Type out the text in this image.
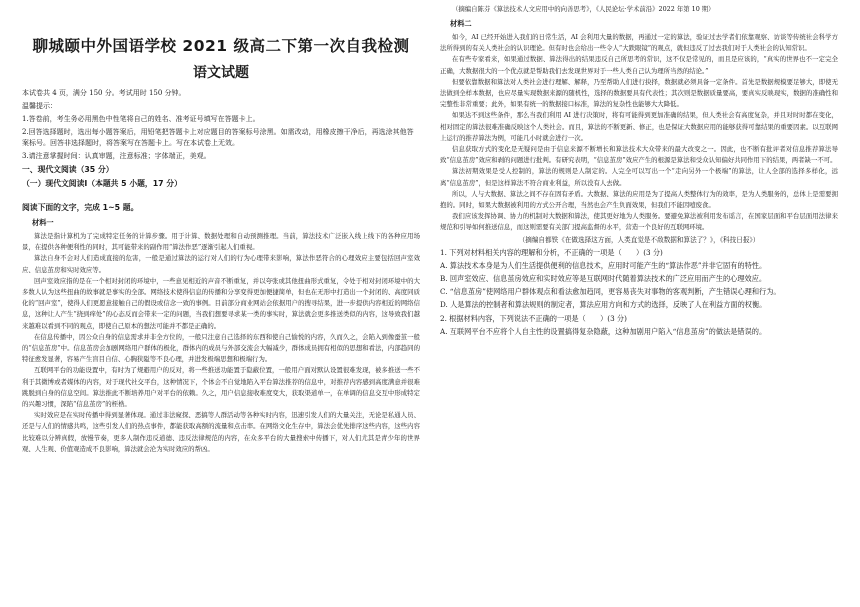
聊城颐中外国语学校 2021 级高二下第一次自我检测
语文试题
本试卷共 4 页，满分 150 分。考试用时 150 分钟。
温馨提示：
1.答卷前，考生务必用黑色中性笔将自己的姓名、准考证号填写在答题卡上。
2.回答选择题时，选出每小题答案后，用铅笔把答题卡上对应题目的答案标号涂黑。如需改动，用橡皮擦干净后，再选涂其他答案标号。回答非选择题时，将答案写在答题卡上。写在本试卷上无效。
3.请注意掌握时间：认真审题，注意标准；字体端正，美观。
一、现代文阅读（35 分）
（一）现代文阅读Ⅰ（本题共 5 小题，17 分）
阅读下面的文字，完成 1~5 题。
材料一

算法是指计算机为了完成特定任务的计算步骤。用于计算、数据处理和自动预测推理。当前，算法技术广泛嵌入线上线下的各种应用场景，在提供各种便利性的同时，其可能带来的副作用“算法作恶”逐渐引起人们重视。

算法自身不会对人们造成直接的危害，一般是通过算法的运行对人们的行为心理带来影响，算法作恶符合的心理效应主要包括回声室效应、信息茧房和实时效应等。

回声室效应指的是在一个相对封闭的环境中，一些意见相近的声音不断重复，并以夸张或其他扭曲形式重复，令处于相对封闭环境中的大多数人认为这些扭曲的故事就是事实的全部。网络技术使得信息的传播和分享变得更加便捷简单，但也在无形中打造出一个封闭的、高度同质化的“回声室”，使得人们更愿意接触自己的假设或信念一致的事例。目前部分商业网站会依据用户的搜寻结果，进一步提供内容相近的网络信息，这种让人产生“挠到痒处”的心态反而会带来一定的问题，当我们想要寻求某一类的事实时，算法就会更多推送类似的内容，这导致我们越来越难以看到不同的观点，即使自己原本的想法可能并不都是正确的。

在信息传播中，因公众自身的信息需求并非全方位的，一般只注意自己选择的东西和使自己愉悦的内容，久而久之，会陷入到像蚕茧一般的“信息茧房”中。信息茧房会加剧网络用户群体的极化，群体内的成员与外部交流会大幅减少，群体成员拥有相似的思想和看法，内部趋同的特征愈发显著，容易产生盲目自信、心胸狭隘等不良心理，并进发极端思想和极端行为。

互联网平台的功能设置中，有时为了规避用户的反对，将一些推送功能置于隐蔽位置，一般用户面对默认设置很难发现，被多推送一些不利于其微博或者媒体的内容，对于现代社交平台，这种情况下，个体会不自觉地陷入平台算法推荐的信息中，对推荐内容感到高度满意并很难跳脱到自身的信息空间。算法推此不断培养用户对平台的依赖。久之，用户信息接收难度变大，获取渠道单一，在单调的信息交互中形成特定的兴趣习惯，深陷“信息茧房”的桎梏。

实时效应是在实时传播中得到显著体现。通过非法窥探、恶搞等人群活动等各种实时内容，迅速引发人们的大量关注，无论是私通人员、还是与人们的情感共鸣，这些引发人们的热点事件，都能获取高额的流量和点击率。在网络文化生存中，算法会优先排序这些内容，这些内容比较难以分辨真假，放慢节奏，更多人制作违反道德、违反法律规范的内容，在众多平台的大量搜索中传播下，对人们尤其是青少年的世界观、人生观、价值观造成不良影响，算法就会沦为实时效应的帮凶。

（摘编自陈芬《算法技术人文应用中的向善思考》，《人民论坛·学术前沿》2022 年第 10 期）
材料二

如今，AI 已经开始进入我们的日常生活，AI 会利用大量的数据，再通过一定的算法，验证过去学者们依靠观察、访谈等传统社会科学方法所得到的有关人类社会的认识理论。但有时也会给出一些令人“大跌眼镜”的观点，就但违反了过去我们对于人类社会的认知常识。

在有些专家看来，如果通过数据、算法得出的结果违反自己所思考的常识，这不仅是常见的，而且是应该的，“真实的世界也不一定完全正确，大数据很大的一个优点就是帮助我们去发现世界对于一些人类自己认为理所当然的结论。”

但要依靠数据和算法对人类社会进行理解、解释，乃至帮助人们进行抉择，数据就必须具备一定条件。首先是数据规模要足够大，即使无法做到全样本数据，也应尽量实现数据来源的随机性，选择的数据要具有代表性；其次则是数据质量要高，要真实反映现实，数据的准确性和完整性非常重要；此外，如果有统一的数据接口标准，算法的复杂性也能够大大降低。

如果达不到这些条件，那么当我们利用 AI 进行决策时，将有可能得到更加准确的结果，但人类社会有高度复杂，并且对时时都在变化，相对固定的算法很难准确反映这个人类社会。而且，算法的不断更新、修正，也是保证大数据应用的能够获得可靠结果的重要因素。以互联网上运行的推荐算法为例，可能几小时就会进行一次。

信息获取方式的变化是无疑问是由于信息来源不断增长和算法技术大众带来的最大改变之一。因此，也不断有批评者对信息推荐算法导致“信息茧房”效应和剥的问题进行批判。有研究表明，“信息茧房”效应产生的根源是算法和受众认知偏好共同作用下的结果，两者缺一不可。

算法初期效果是受人控制的，算法的规则是人制定的。人完全可以写出一个“走向另外一个极端”的算法，让人全部的选择多样化，远离“信息茧房”，但是这样算法不符合商业利益，所以没有人去做。

所以，人与大数据、算法之间不存在固有矛盾。大数据、算法的应用是为了提高人类整体行为的效率，是为人类服务的，总体上是需要拥抱的。同时，如果大数据被利用的方式公开合理，当然也会产生负面效果，但我们不能因噎废食。

我们应该发挥协调、协力的机制对大数据和算法，使其更好地为人类服务。要避免算法被利用发布谣言，在国家层面和平台层面用法律来规范和引导如何推送信息，而这则需要有关部门提高监督的水平，营造一个良好的互联网环境。

（摘编自都铁《在做选择这方面，人类直觉是不敌数据和算法了？》，《科技日报》）
1. 下列对材料相关内容的理解和分析，不正确的一项是（　　）(3 分)
A. 算法技术本身是为人们生活提供便利的信息技术，应用时可能产生的“算法作恶”并非它固有的特性。
B. 回声室效应、信息茧房效应和实时效应等是互联网时代随着算法技术的广泛应用而产生的心理效应。
C. “信息茧房”使网络用户群体观点和看法愈加趋同，更容易丧失对事物的客观判断，产生错误心理和行为。
D. 人是算法的控制者和算法规则的制定者，算法应用方向和方式的选择，反映了人在利益方面的权衡。
2. 根据材料内容，下列说法不正确的一项是（　　）(3 分)
A. 互联网平台不应将个人自主性的设置搞得复杂隐蔽，这种加剧用户陷入“信息茧房”的做法是错误的。
